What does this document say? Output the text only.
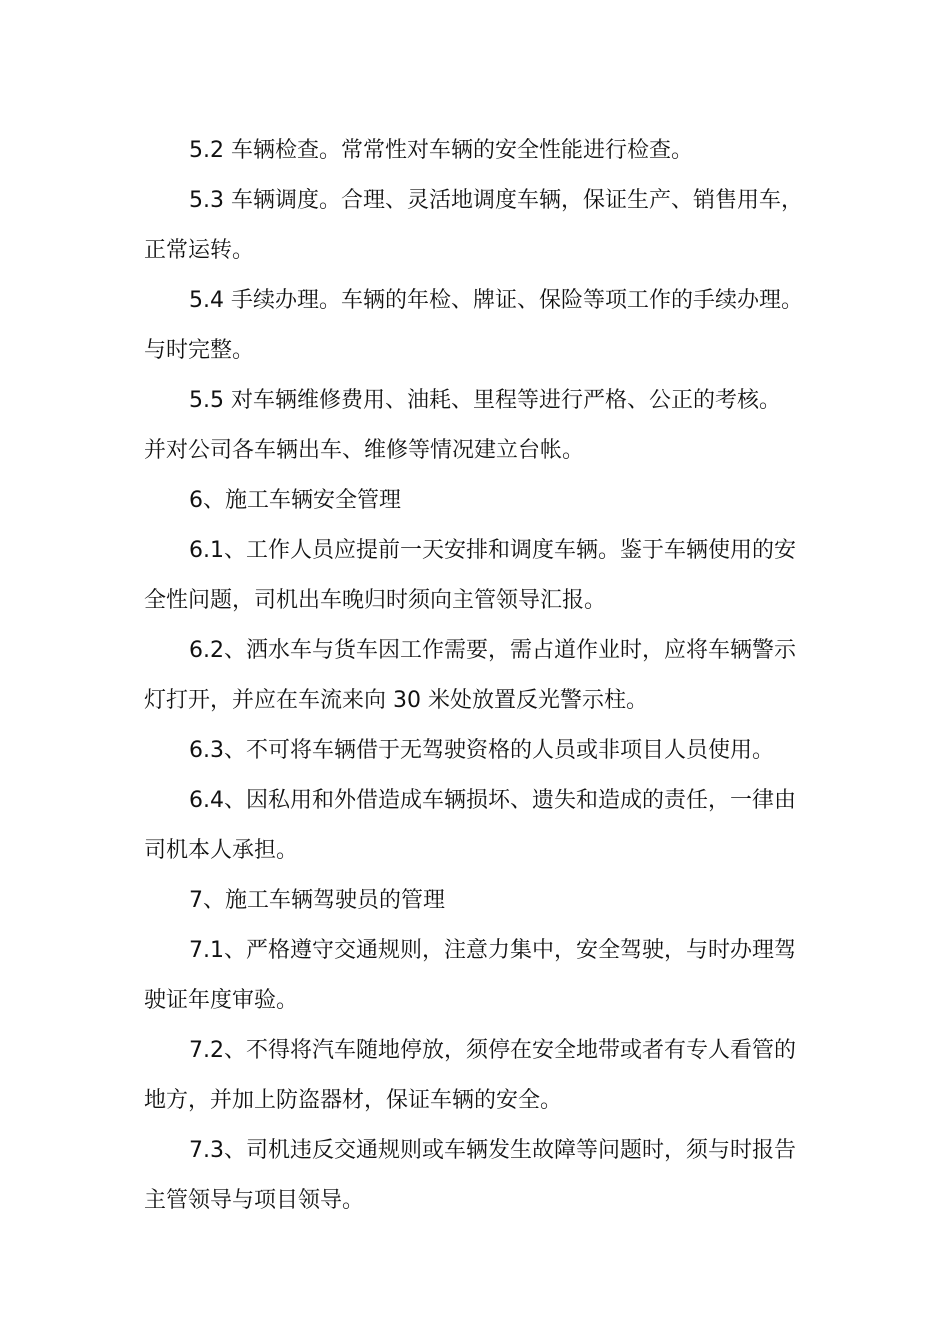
5.2 车辆检查。常常性对车辆的安全性能进行检查。

5.3 车辆调度。合理、灵活地调度车辆，保证生产、销售用车，
正常运转。

5.4 手续办理。车辆的年检、牌证、保险等项工作的手续办理。
与时完整。

5.5 对车辆维修费用、油耗、里程等进行严格、公正的考核。
并对公司各车辆出车、维修等情况建立台帐。

6、施工车辆安全管理

6.1、工作人员应提前一天安排和调度车辆。鉴于车辆使用的安
全性问题，司机出车晚归时须向主管领导汇报。

6.2、洒水车与货车因工作需要，需占道作业时，应将车辆警示
灯打开，并应在车流来向 30 米处放置反光警示柱。

6.3、不可将车辆借于无驾驶资格的人员或非项目人员使用。

6.4、因私用和外借造成车辆损坏、遗失和造成的责任，一律由
司机本人承担。

7、施工车辆驾驶员的管理

7.1、严格遵守交通规则，注意力集中，安全驾驶，与时办理驾
驶证年度审验。

7.2、不得将汽车随地停放，须停在安全地带或者有专人看管的
地方，并加上防盗器材，保证车辆的安全。

7.3、司机违反交通规则或车辆发生故障等问题时，须与时报告
主管领导与项目领导。
